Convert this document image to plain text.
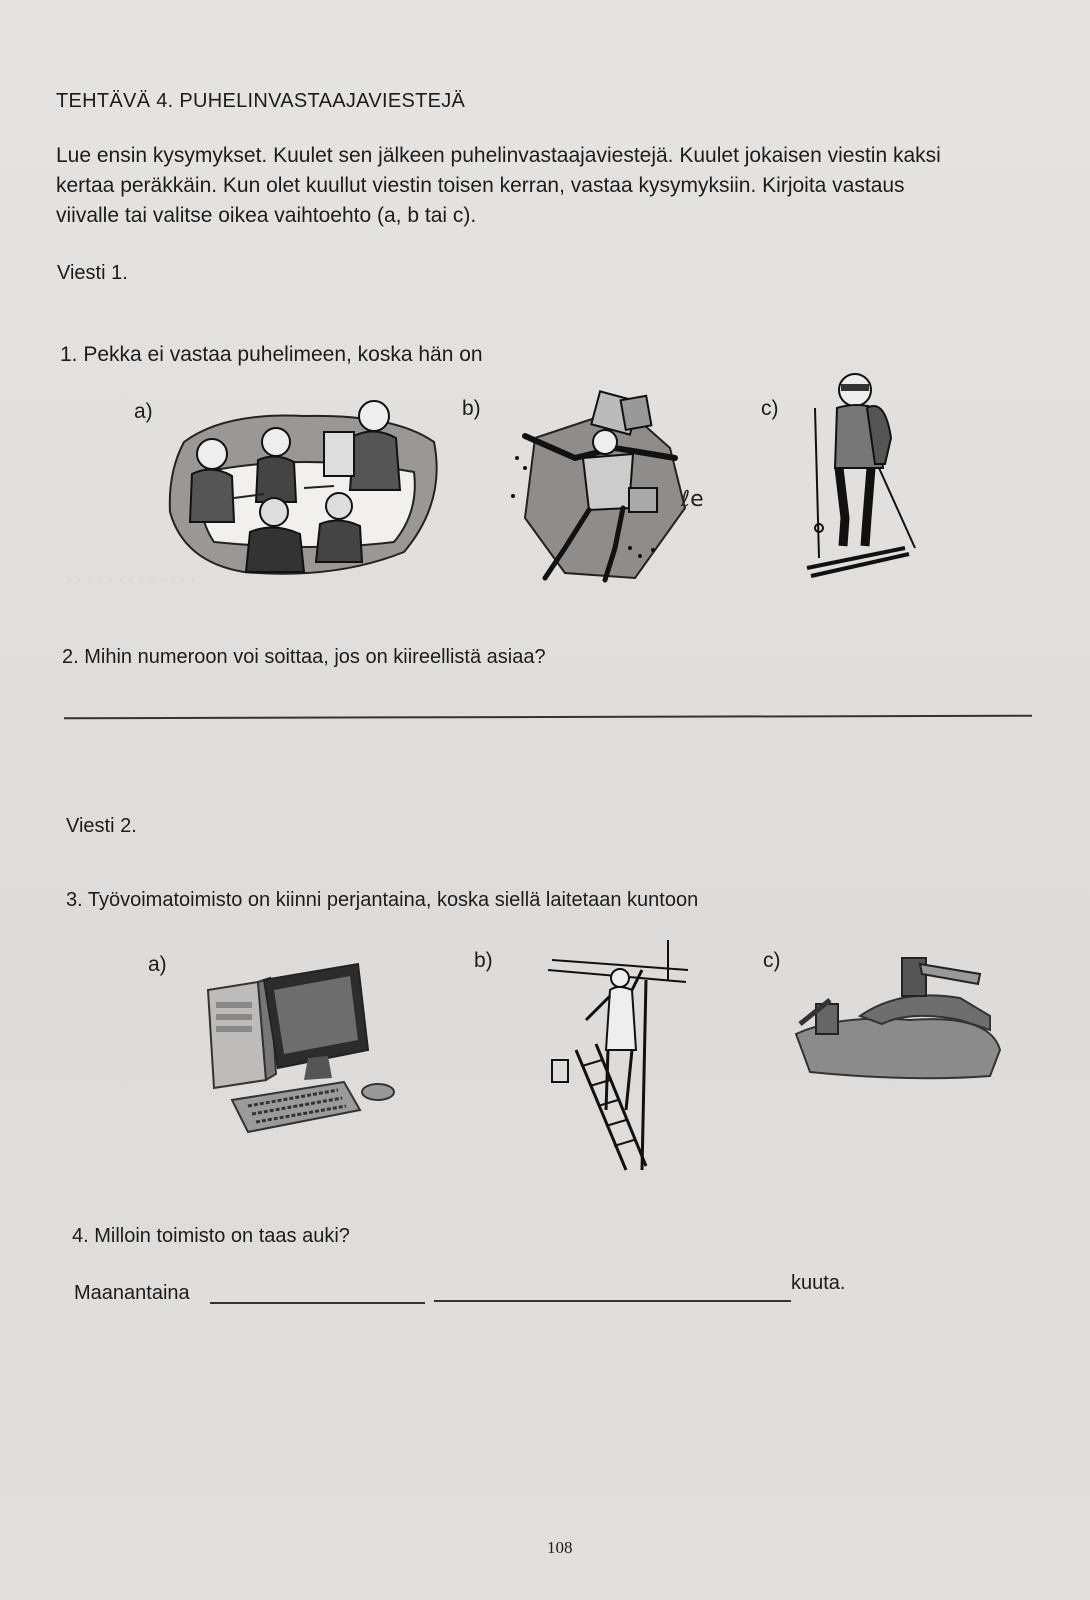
· · · · · · · · · · · · ·

TEHTÄVÄ 4. PUHELINVASTAAJAVIESTEJÄ

Lue ensin kysymykset. Kuulet sen jälkeen puhelinvastaajaviestejä. Kuulet jokaisen viestin kaksi
kertaa peräkkäin. Kun olet kuullut viestin toisen kerran, vastaa kysymyksiin. Kirjoita vastaus
viivalle tai valitse oikea vaihtoehto (a, b tai c).

Viesti 1.

1. Pekka ei vastaa puhelimeen, koska hän on

a)	b)

ℓe

c)

2. Mihin numeroon voi soittaa, jos on kiireellistä asiaa?

Viesti 2.

3. Työvoimatoimisto on kiinni perjantaina, koska siellä laitetaan kuntoon

a)	b)	c)

4. Milloin toimisto on taas auki?

Maanantaina	kuuta.

108
